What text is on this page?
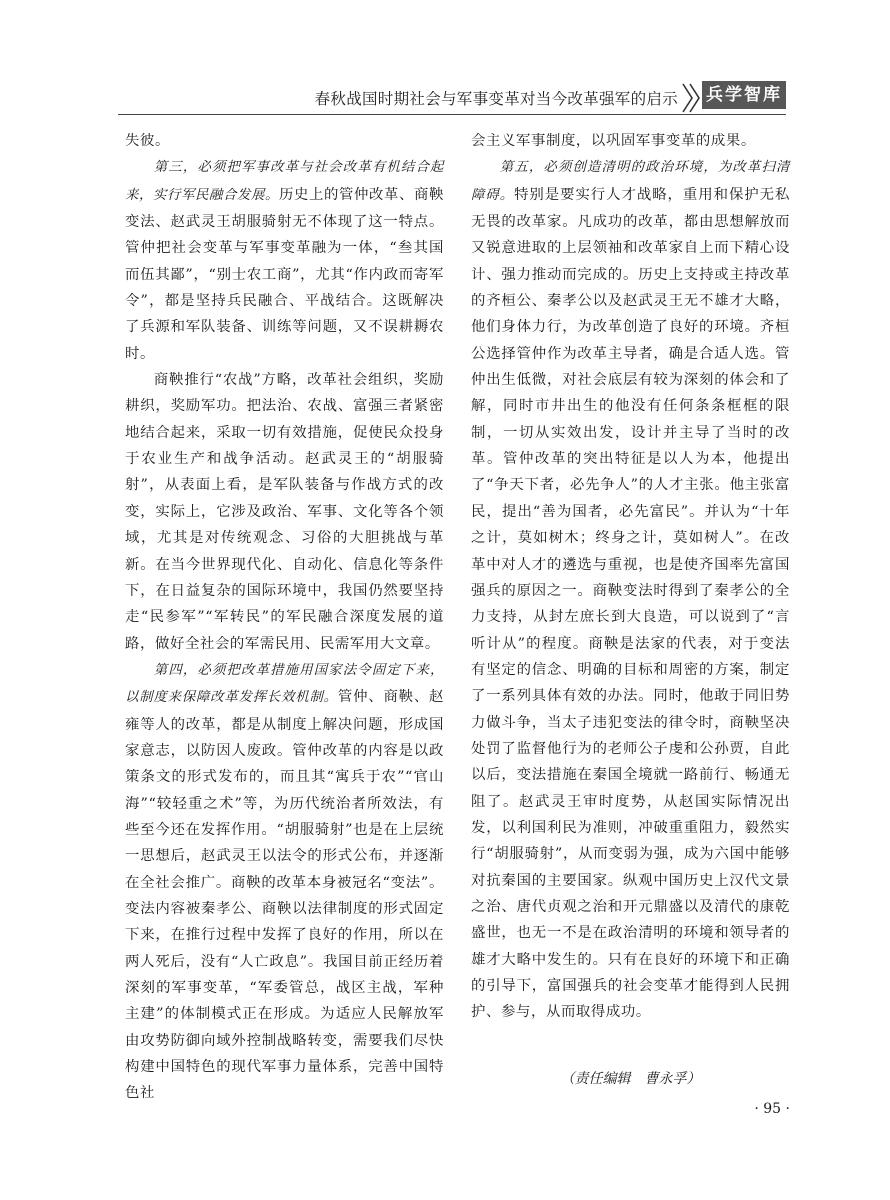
春秋战国时期社会与军事变革对当今改革强军的启示 兵学智库

失彼。

第三，必须把军事改革与社会改革有机结合起来，实行军民融合发展。历史上的管仲改革、商鞅变法、赵武灵王胡服骑射无不体现了这一特点。管仲把社会变革与军事变革融为一体，“叁其国而伍其鄙”，“别士农工商”，尤其“作内政而寄军令”，都是坚持兵民融合、平战结合。这既解决了兵源和军队装备、训练等问题，又不误耕耨农时。

商鞅推行“农战”方略，改革社会组织，奖励耕织，奖励军功。把法治、农战、富强三者紧密地结合起来，采取一切有效措施，促使民众投身于农业生产和战争活动。赵武灵王的“胡服骑射”，从表面上看，是军队装备与作战方式的改变，实际上，它涉及政治、军事、文化等各个领域，尤其是对传统观念、习俗的大胆挑战与革新。在当今世界现代化、自动化、信息化等条件下，在日益复杂的国际环境中，我国仍然要坚持走“民参军”“军转民”的军民融合深度发展的道路，做好全社会的军需民用、民需军用大文章。

第四，必须把改革措施用国家法令固定下来，以制度来保障改革发挥长效机制。管仲、商鞅、赵雍等人的改革，都是从制度上解决问题，形成国家意志，以防因人废政。管仲改革的内容是以政策条文的形式发布的，而且其“寓兵于农”“官山海”“较轻重之术”等，为历代统治者所效法，有些至今还在发挥作用。“胡服骑射”也是在上层统一思想后，赵武灵王以法令的形式公布，并逐渐在全社会推广。商鞅的改革本身被冠名“变法”。变法内容被秦孝公、商鞅以法律制度的形式固定下来，在推行过程中发挥了良好的作用，所以在两人死后，没有“人亡政息”。我国目前正经历着深刻的军事变革，“军委管总，战区主战，军种主建”的体制模式正在形成。为适应人民解放军由攻势防御向域外控制战略转变，需要我们尽快构建中国特色的现代军事力量体系，完善中国特色社

会主义军事制度，以巩固军事变革的成果。

第五，必须创造清明的政治环境，为改革扫清障碍。特别是要实行人才战略，重用和保护无私无畏的改革家。凡成功的改革，都由思想解放而又锐意进取的上层领袖和改革家自上而下精心设计、强力推动而完成的。历史上支持或主持改革的齐桓公、秦孝公以及赵武灵王无不雄才大略，他们身体力行，为改革创造了良好的环境。齐桓公选择管仲作为改革主导者，确是合适人选。管仲出生低微，对社会底层有较为深刻的体会和了解，同时市井出生的他没有任何条条框框的限制，一切从实效出发，设计并主导了当时的改革。管仲改革的突出特征是以人为本，他提出了“争天下者，必先争人”的人才主张。他主张富民，提出“善为国者，必先富民”。并认为“十年之计，莫如树木；终身之计，莫如树人”。在改革中对人才的遴选与重视，也是使齐国率先富国强兵的原因之一。商鞅变法时得到了秦孝公的全力支持，从封左庶长到大良造，可以说到了“言听计从”的程度。商鞅是法家的代表，对于变法有坚定的信念、明确的目标和周密的方案，制定了一系列具体有效的办法。同时，他敢于同旧势力做斗争，当太子违犯变法的律令时，商鞅坚决处罚了监督他行为的老师公子虔和公孙贾，自此以后，变法措施在秦国全境就一路前行、畅通无阻了。赵武灵王审时度势，从赵国实际情况出发，以利国利民为准则，冲破重重阻力，毅然实行“胡服骑射”，从而变弱为强，成为六国中能够对抗秦国的主要国家。纵观中国历史上汉代文景之治、唐代贞观之治和开元鼎盛以及清代的康乾盛世，也无一不是在政治清明的环境和领导者的雄才大略中发生的。只有在良好的环境下和正确的引导下，富国强兵的社会变革才能得到人民拥护、参与，从而取得成功。

（责任编辑　曹永孚）
· 95 ·
